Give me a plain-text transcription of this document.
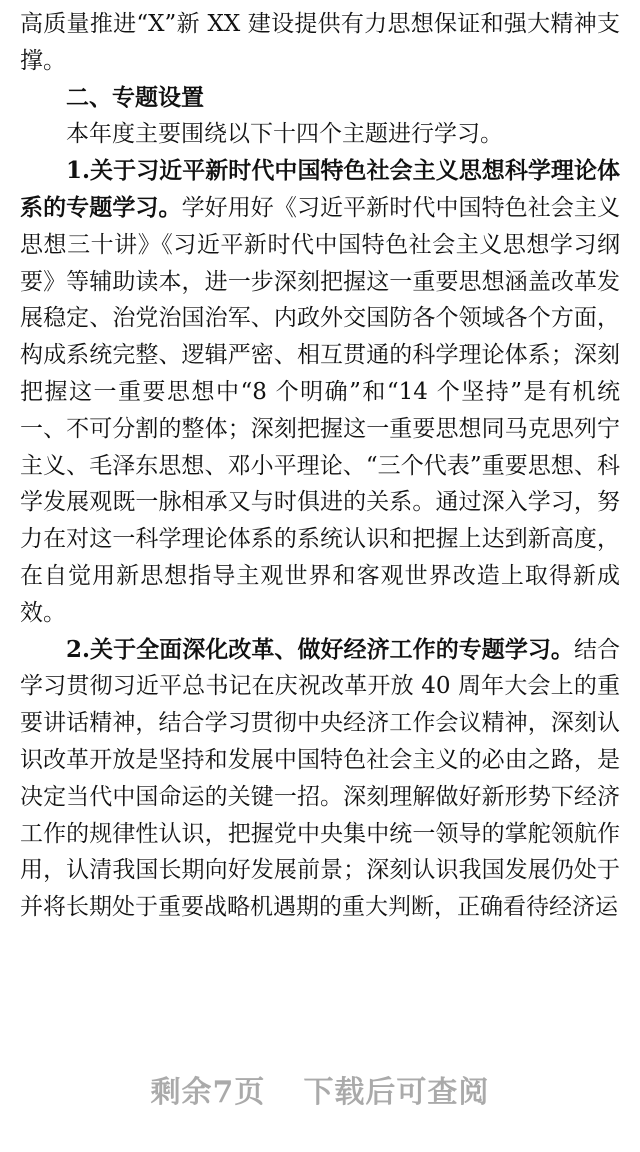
高质量推进“X”新 XX 建设提供有力思想保证和强大精神支撑。

二、专题设置

本年度主要围绕以下十四个主题进行学习。

1.关于习近平新时代中国特色社会主义思想科学理论体系的专题学习。学好用好《习近平新时代中国特色社会主义思想三十讲》《习近平新时代中国特色社会主义思想学习纲要》等辅助读本，进一步深刻把握这一重要思想涵盖改革发展稳定、治党治国治军、内政外交国防各个领域各个方面，构成系统完整、逻辑严密、相互贯通的科学理论体系；深刻把握这一重要思想中“8 个明确”和“14 个坚持”是有机统一、不可分割的整体；深刻把握这一重要思想同马克思列宁主义、毛泽东思想、邓小平理论、“三个代表”重要思想、科学发展观既一脉相承又与时俱进的关系。通过深入学习，努力在对这一科学理论体系的系统认识和把握上达到新高度，在自觉用新思想指导主观世界和客观世界改造上取得新成效。

2.关于全面深化改革、做好经济工作的专题学习。结合学习贯彻习近平总书记在庆祝改革开放 40 周年大会上的重要讲话精神，结合学习贯彻中央经济工作会议精神，深刻认识改革开放是坚持和发展中国特色社会主义的必由之路，是决定当代中国命运的关键一招。深刻理解做好新形势下经济工作的规律性认识，把握党中央集中统一领导的掌舵领航作用，认清我国长期向好发展前景；深刻认识我国发展仍处于并将长期处于重要战略机遇期的重大判断，正确看待经济运

剩余7页 下载后可查阅
